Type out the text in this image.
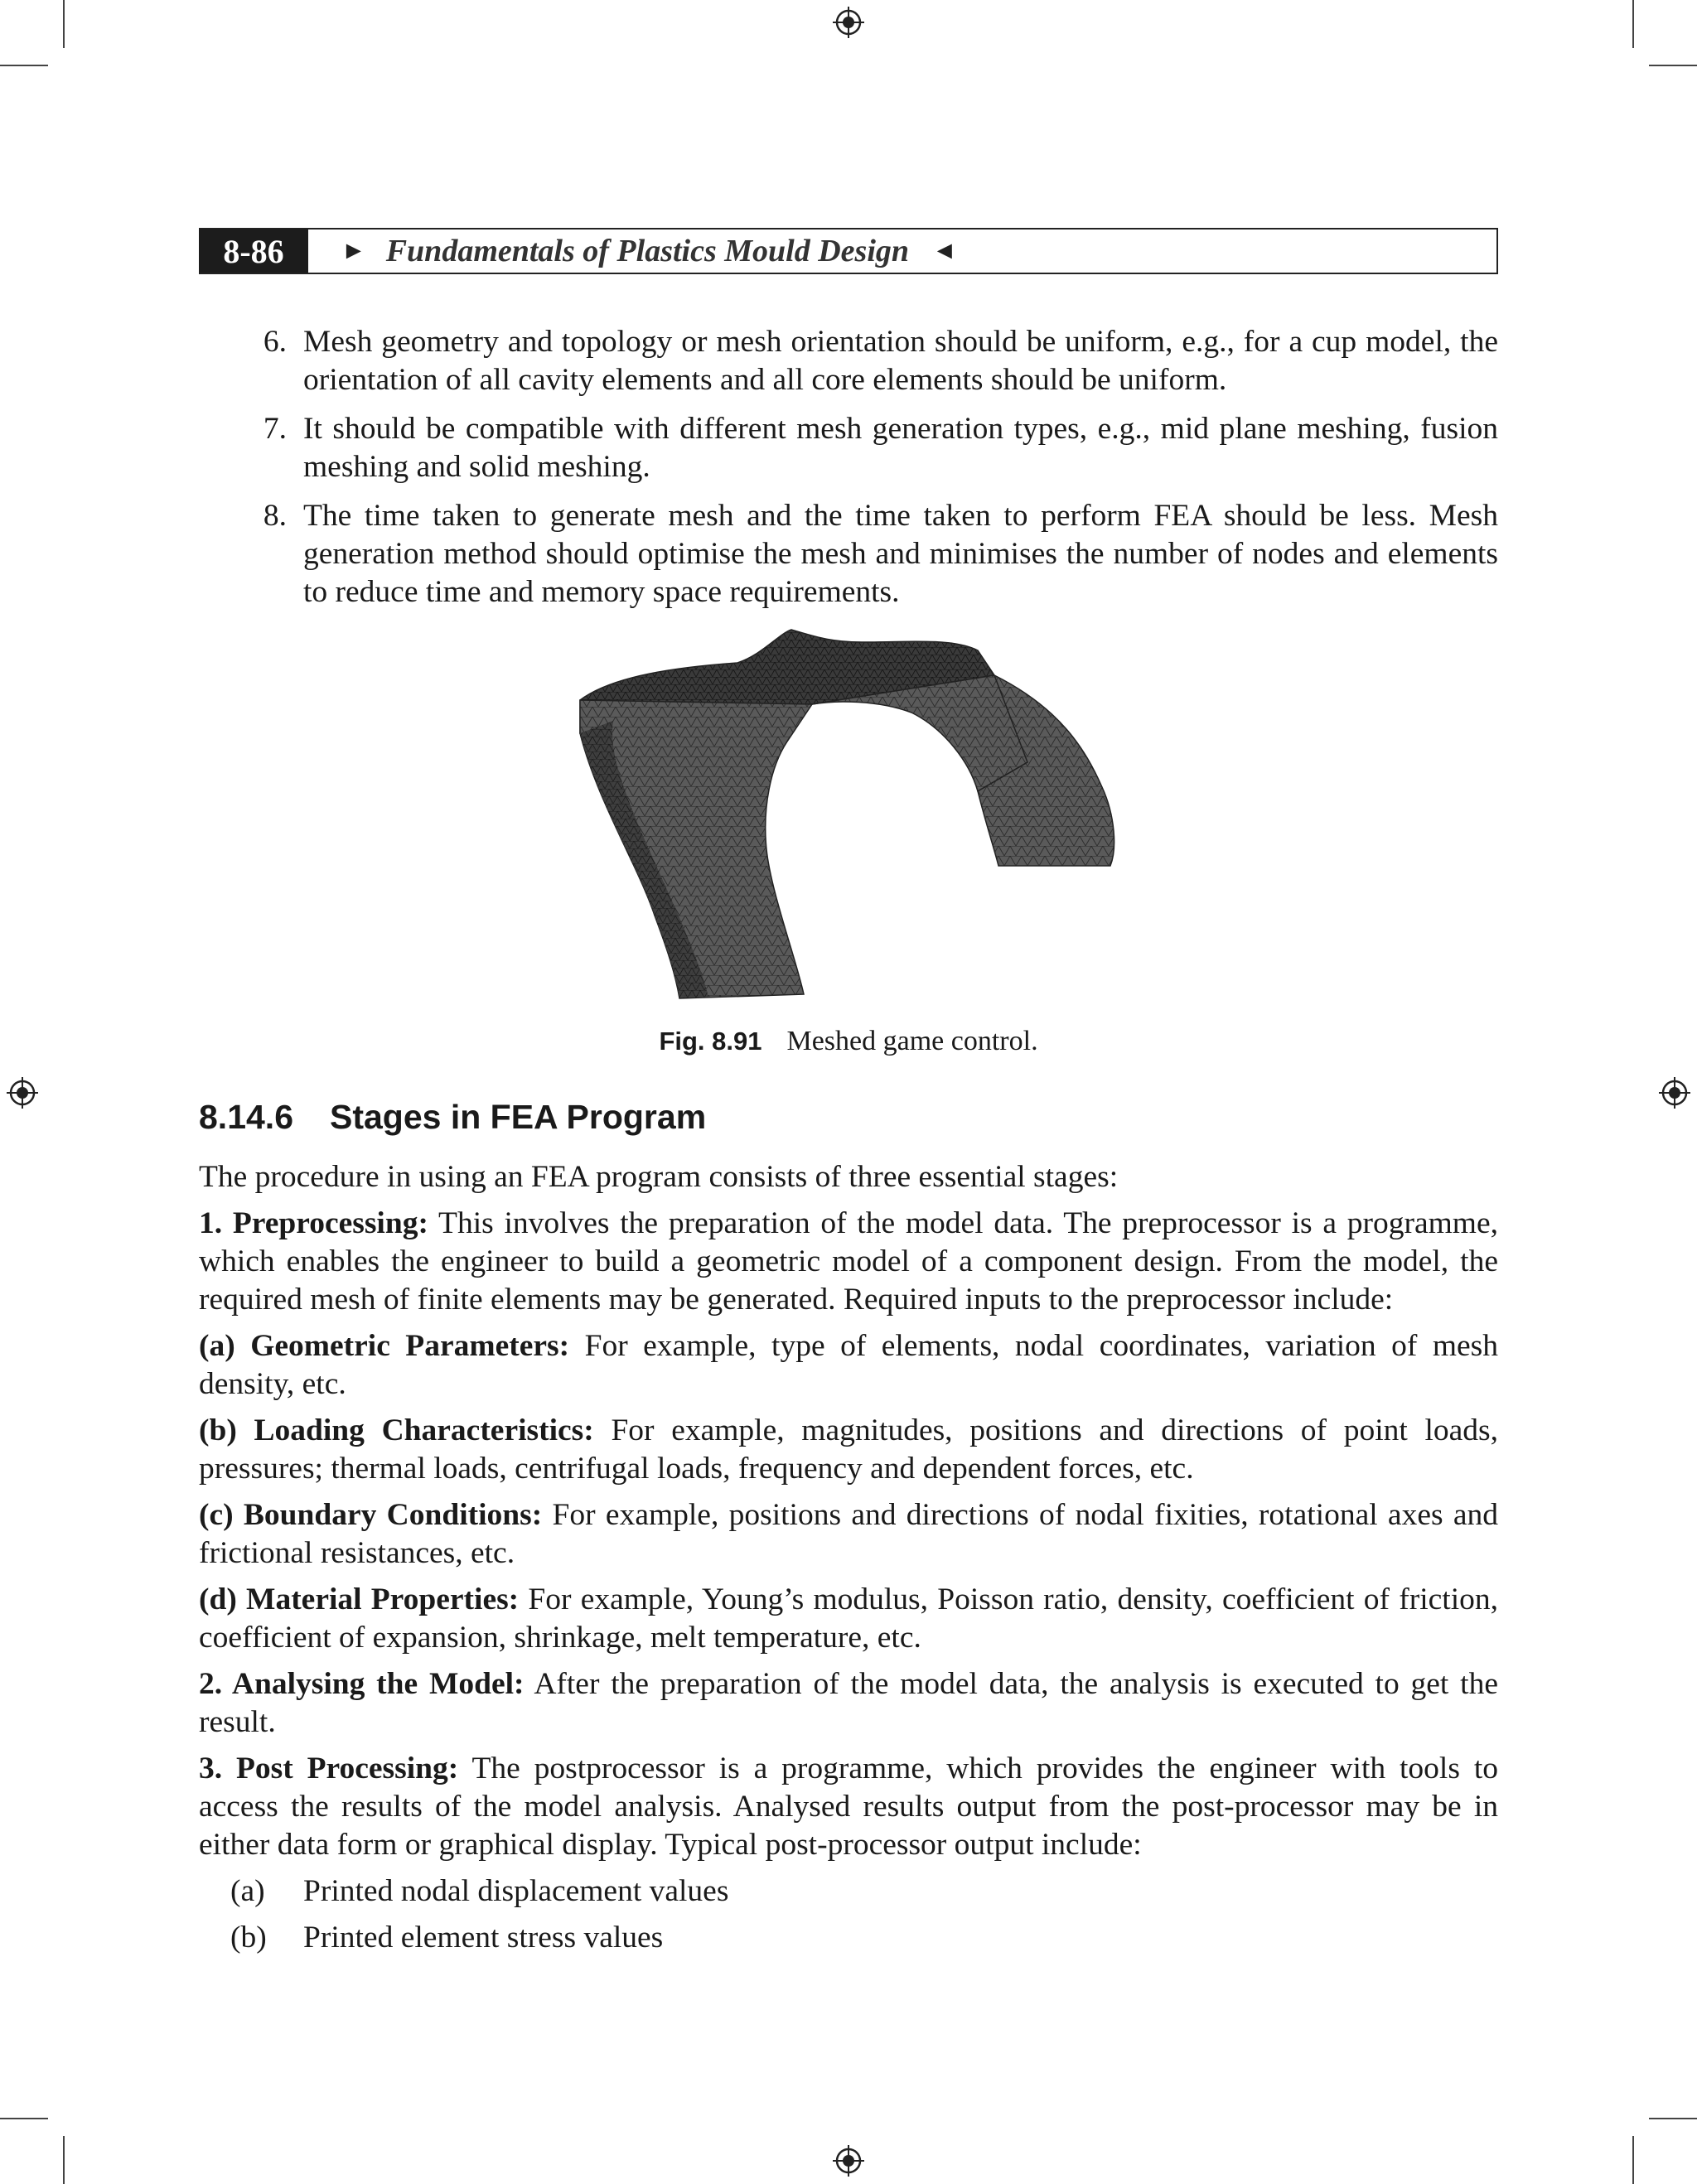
8-86	► Fundamentals of Plastics Mould Design ◄
6. Mesh geometry and topology or mesh orientation should be uniform, e.g., for a cup model, the orientation of all cavity elements and all core elements should be uniform.
7. It should be compatible with different mesh generation types, e.g., mid plane meshing, fusion meshing and solid meshing.
8. The time taken to generate mesh and the time taken to perform FEA should be less. Mesh generation method should optimise the mesh and minimises the number of nodes and elements to reduce time and memory space requirements.
Fig. 8.91 Meshed game control.
8.14.6 Stages in FEA Program

The procedure in using an FEA program consists of three essential stages:

1. Preprocessing: This involves the preparation of the model data. The preprocessor is a programme, which enables the engineer to build a geometric model of a component design. From the model, the required mesh of finite elements may be generated. Required inputs to the preprocessor include:

(a) Geometric Parameters: For example, type of elements, nodal coordinates, variation of mesh density, etc.

(b) Loading Characteristics: For example, magnitudes, positions and directions of point loads, pressures; thermal loads, centrifugal loads, frequency and dependent forces, etc.

(c) Boundary Conditions: For example, positions and directions of nodal fixities, rotational axes and frictional resistances, etc.

(d) Material Properties: For example, Young’s modulus, Poisson ratio, density, coefficient of friction, coefficient of expansion, shrinkage, melt temperature, etc.

2. Analysing the Model: After the preparation of the model data, the analysis is executed to get the result.

3. Post Processing: The postprocessor is a programme, which provides the engineer with tools to access the results of the model analysis. Analysed results output from the post-processor may be in either data form or graphical display. Typical post-processor output include:

(a)	Printed nodal displacement values
(b)	Printed element stress values
